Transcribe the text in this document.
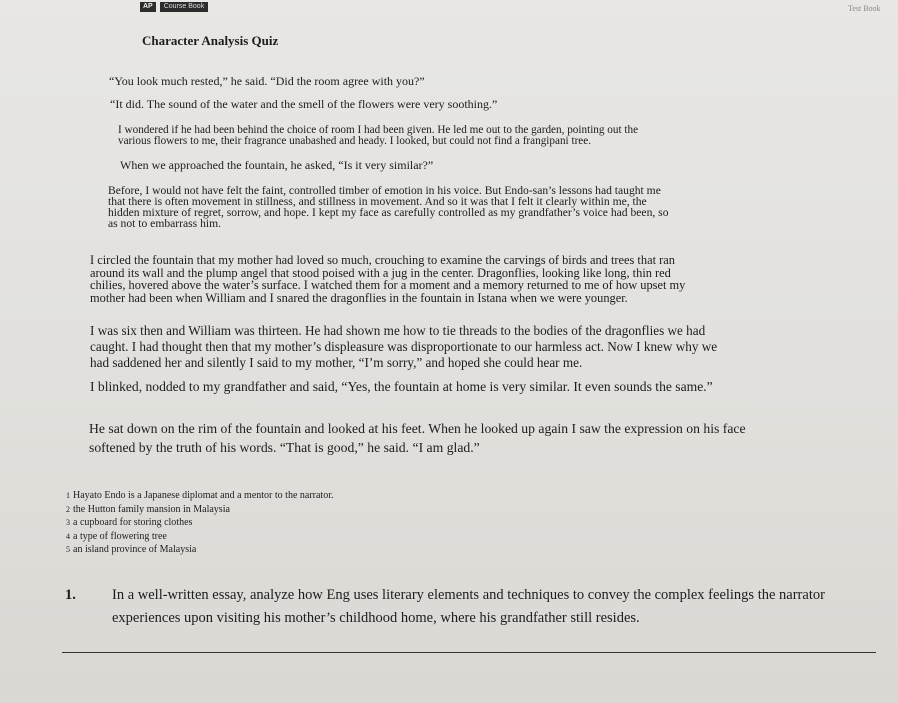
AP	Course Book	Test Book
Character Analysis Quiz

“You look much rested,” he said. “Did the room agree with you?”

“It did. The sound of the water and the smell of the flowers were very soothing.”

I wondered if he had been behind the choice of room I had been given. He led me out to the garden, pointing out the
various flowers to me, their fragrance unabashed and heady. I looked, but could not find a frangipani tree.

When we approached the fountain, he asked, “Is it very similar?”

Before, I would not have felt the faint, controlled timber of emotion in his voice. But Endo-san’s lessons had taught me
that there is often movement in stillness, and stillness in movement. And so it was that I felt it clearly within me, the
hidden mixture of regret, sorrow, and hope. I kept my face as carefully controlled as my grandfather’s voice had been, so
as not to embarrass him.

I circled the fountain that my mother had loved so much, crouching to examine the carvings of birds and trees that ran
around its wall and the plump angel that stood poised with a jug in the center. Dragonflies, looking like long, thin red
chilies, hovered above the water’s surface. I watched them for a moment and a memory returned to me of how upset my
mother had been when William and I snared the dragonflies in the fountain in Istana when we were younger.

I was six then and William was thirteen. He had shown me how to tie threads to the bodies of the dragonflies we had
caught. I had thought then that my mother’s displeasure was disproportionate to our harmless act. Now I knew why we
had saddened her and silently I said to my mother, “I’m sorry,” and hoped she could hear me.

I blinked, nodded to my grandfather and said, “Yes, the fountain at home is very similar. It even sounds the same.”

He sat down on the rim of the fountain and looked at his feet. When he looked up again I saw the expression on his face
softened by the truth of his words. “That is good,” he said. “I am glad.”

1 Hayato Endo is a Japanese diplomat and a mentor to the narrator.
2 the Hutton family mansion in Malaysia
3 a cupboard for storing clothes
4 a type of flowering tree
5 an island province of Malaysia
1. In a well-written essay, analyze how Eng uses literary elements and techniques to convey the complex feelings the narrator experiences upon visiting his mother’s childhood home, where his grandfather still resides.
